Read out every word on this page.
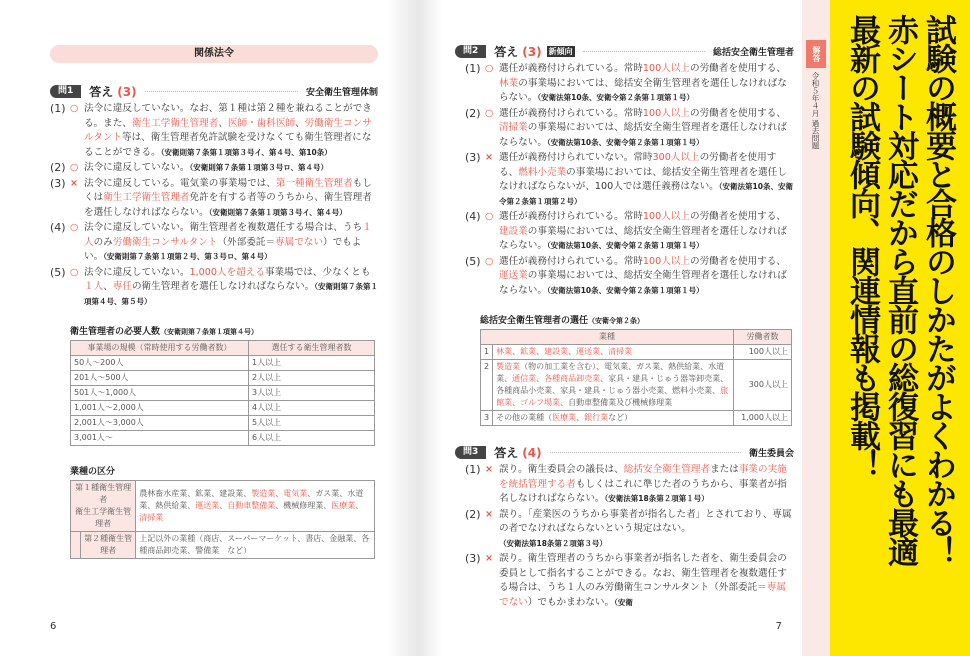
関係法令
問1	答え (3)	安全衛生管理体制
(1) ○ 法令に違反していない。なお、第１種は第２種を兼ねることができる。また、衛生工学衛生管理者、医師・歯科医師、労働衛生コンサルタント等は、衛生管理者免許試験を受けなくても衛生管理者になることができる。（安衛則第７条第１項第３号イ、第４号、第10条）
(2) ○ 法令に違反していない。（安衛則第７条第１項第３号ロ、第４号）
(3) × 法令に違反している。電気業の事業場では、第一種衛生管理者もしくは衛生工学衛生管理者免許を有する者等のうちから、衛生管理者を選任しなければならない。（安衛則第７条第１項第３号イ、第４号）
(4) ○ 法令に違反していない。衛生管理者を複数選任する場合は、うち１人のみ労働衛生コンサルタント（外部委託＝専属でない）でもよい。（安衛則第７条第１項第２号、第３号ロ、第４号）
(5) ○ 法令に違反していない。1,000人を超える事業場では、少なくとも１人、専任の衛生管理者を選任しなければならない。（安衛則第７条第１項第４号、第５号）
衛生管理者の必要人数（安衛則第７条第１項第４号）
事業場の規模（常時使用する労働者数）	選任する衛生管理者数
50人～200人	1人以上
201人～500人	2人以上
501人～1,000人	3人以上
1,001人～2,000人	4人以上
2,001人～3,000人	5人以上
3,001人～	6人以上
業種の区分
第１種衛生管理者
衛生工学衛生管理者		農林畜水産業、鉱業、建設業、製造業、電気業、ガス業、水道業、熱供給業、運送業、自動車整備業、機械修理業、医療業、清掃業
	第２種衛生管理者	上記以外の業種（商店、スーパーマーケット、書店、金融業、各種商品卸売業、警備業　など）
6
問2	答え (3) 新傾向	総括安全衛生管理者
(1) ○ 選任が義務付けられている。常時100人以上の労働者を使用する、林業の事業場においては、総括安全衛生管理者を選任しなければならない。（安衛法第10条、安衛令第２条第１項第１号）
(2) ○ 選任が義務付けられている。常時100人以上の労働者を使用する、清掃業の事業場においては、総括安全衛生管理者を選任しなければならない。（安衛法第10条、安衛令第２条第１項第１号）
(3) × 選任が義務付けられていない。常時300人以上の労働者を使用する、燃料小売業の事業場においては、総括安全衛生管理者を選任しなければならないが、100人では選任義務はない。（安衛法第10条、安衛令第２条第１項第２号）
(4) ○ 選任が義務付けられている。常時100人以上の労働者を使用する、建設業の事業場においては、総括安全衛生管理者を選任しなければならない。（安衛法第10条、安衛令第２条第１項第１号）
(5) ○ 選任が義務付けられている。常時100人以上の労働者を使用する、運送業の事業場においては、総括安全衛生管理者を選任しなければならない。（安衛法第10条、安衛令第２条第１項第１号）
総括安全衛生管理者の選任（安衛令第２条）
業種		労働者数
1	林業、鉱業、建設業、運送業、清掃業	100人以上
2	製造業（物の加工業を含む）、電気業、ガス業、熱供給業、水道業、通信業、各種商品卸売業、家具・建具・じゅう器等卸売業、各種商品小売業、家具・建具・じゅう器小売業、燃料小売業、旅館業、ゴルフ場業、自動車整備業及び機械修理業	300人以上
3	その他の業種（医療業、銀行業など）	1,000人以上
問3	答え (4)	衛生委員会
(1) × 誤り。衛生委員会の議長は、総括安全衛生管理者または事業の実施を統括管理する者もしくはこれに準じた者のうちから、事業者が指名しなければならない。（安衛法第18条第２項第１号）
(2) × 誤り。「産業医のうちから事業者が指名した者」とされており、専属の者でなければならないという規定はない。（安衛法第18条第２項第３号）
(3) × 誤り。衛生管理者のうちから事業者が指名した者を、衛生委員会の委員として指名することができる。なお、衛生管理者を複数選任する場合は、うち１人のみ労働衛生コンサルタント（外部委託＝専属でない）でもかまわない。（安衛
7
解答
令和５年４月 過去問題	試験の概要と合格のしかたがよくわかる！
赤シート対応だから直前の総復習にも最適
最新の試験傾向、関連情報も掲載！
